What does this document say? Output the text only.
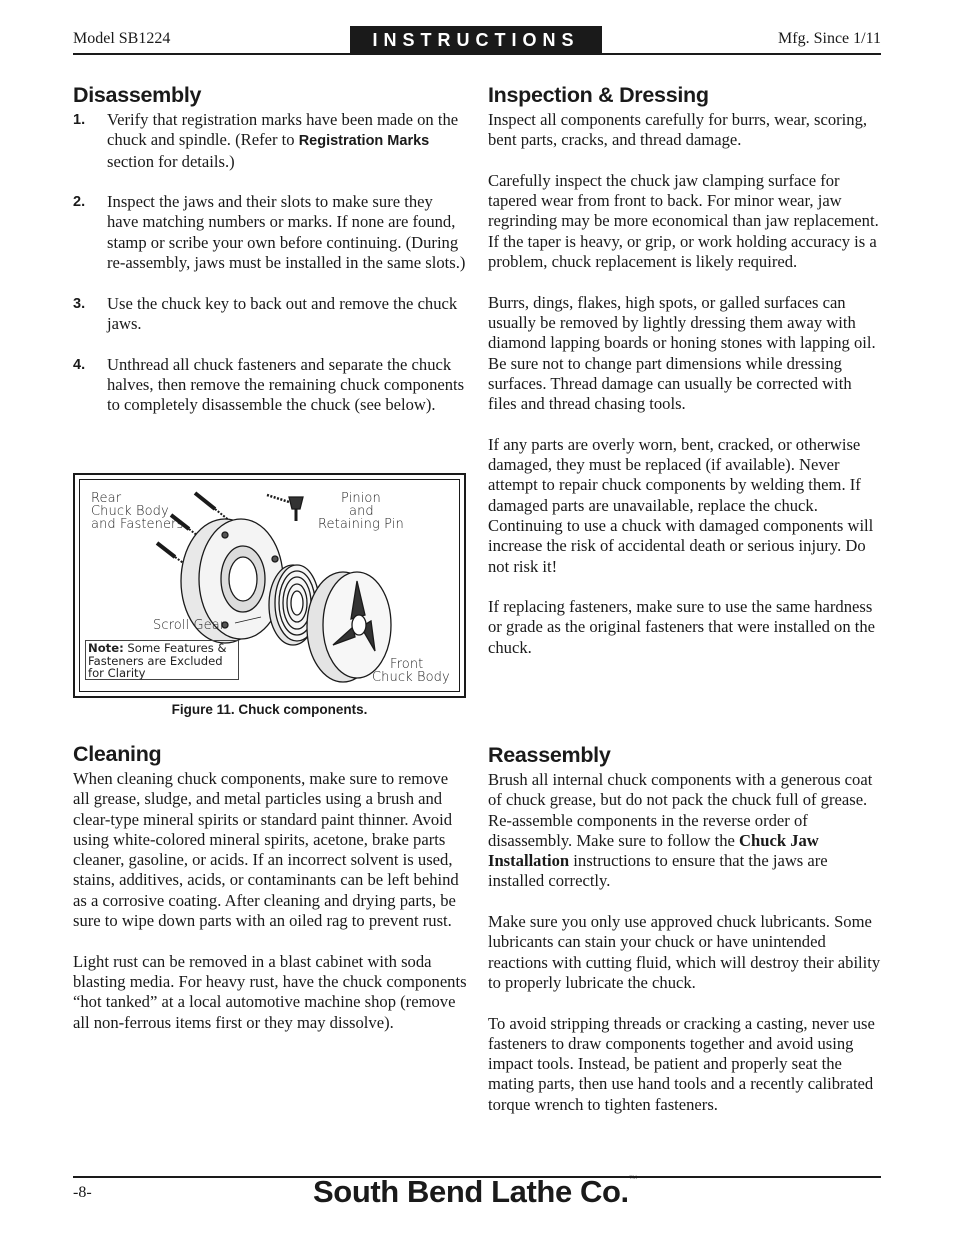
Model SB1224	INSTRUCTIONS	Mfg. Since 1/11
Disassembly
1. Verify that registration marks have been made on the chuck and spindle. (Refer to Registration Marks section for details.)
2. Inspect the jaws and their slots to make sure they have matching numbers or marks. If none are found, stamp or scribe your own before continuing. (During re-assembly, jaws must be installed in the same slots.)
3. Use the chuck key to back out and remove the chuck jaws.
4. Unthread all chuck fasteners and separate the chuck halves, then remove the remaining chuck components to completely disassemble the chuck (see below).
Rear
Chuck Body
and Fasteners
Pinion
and
Retaining Pin
Scroll Gear
Front
Chuck Body
Note: Some Features &
Fasteners are Excluded
for Clarity
Figure 11. Chuck components.
Cleaning

When cleaning chuck components, make sure to remove all grease, sludge, and metal particles using a brush and clear-type mineral spirits or standard paint thinner. Avoid using white-colored mineral spirits, acetone, brake parts cleaner, gasoline, or acids. If an incorrect solvent is used, stains, additives, acids, or contaminants can be left behind as a corrosive coating. After cleaning and drying parts, be sure to wipe down parts with an oiled rag to prevent rust.

Light rust can be removed in a blast cabinet with soda blasting media. For heavy rust, have the chuck components “hot tanked” at a local automotive machine shop (remove all non-ferrous items first or they may dissolve).

Inspection & Dressing

Inspect all components carefully for burrs, wear, scoring, bent parts, cracks, and thread damage.

Carefully inspect the chuck jaw clamping surface for tapered wear from front to back. For minor wear, jaw regrinding may be more economical than jaw replacement. If the taper is heavy, or grip, or work holding accuracy is a problem, chuck replacement is likely required.

Burrs, dings, flakes, high spots, or galled surfaces can usually be removed by lightly dressing them away with diamond lapping boards or honing stones with lapping oil. Be sure not to change part dimensions while dressing surfaces. Thread damage can usually be corrected with files and thread chasing tools.

If any parts are overly worn, bent, cracked, or otherwise damaged, they must be replaced (if available). Never attempt to repair chuck components by welding them. If damaged parts are unavailable, replace the chuck. Continuing to use a chuck with damaged components will increase the risk of accidental death or serious injury. Do not risk it!

If replacing fasteners, make sure to use the same hardness or grade as the original fasteners that were installed on the chuck.

Reassembly

Brush all internal chuck components with a generous coat of chuck grease, but do not pack the chuck full of grease. Re-assemble components in the reverse order of disassembly. Make sure to follow the Chuck Jaw Installation instructions to ensure that the jaws are installed correctly.

Make sure you only use approved chuck lubricants. Some lubricants can stain your chuck or have unintended reactions with cutting fluid, which will destroy their ability to properly lubricate the chuck.

To avoid stripping threads or cracking a casting, never use fasteners to draw components together and avoid using impact tools. Instead, be patient and properly seat the mating parts, then use hand tools and a recently calibrated torque wrench to tighten fasteners.

-8-	South Bend Lathe Co.™
